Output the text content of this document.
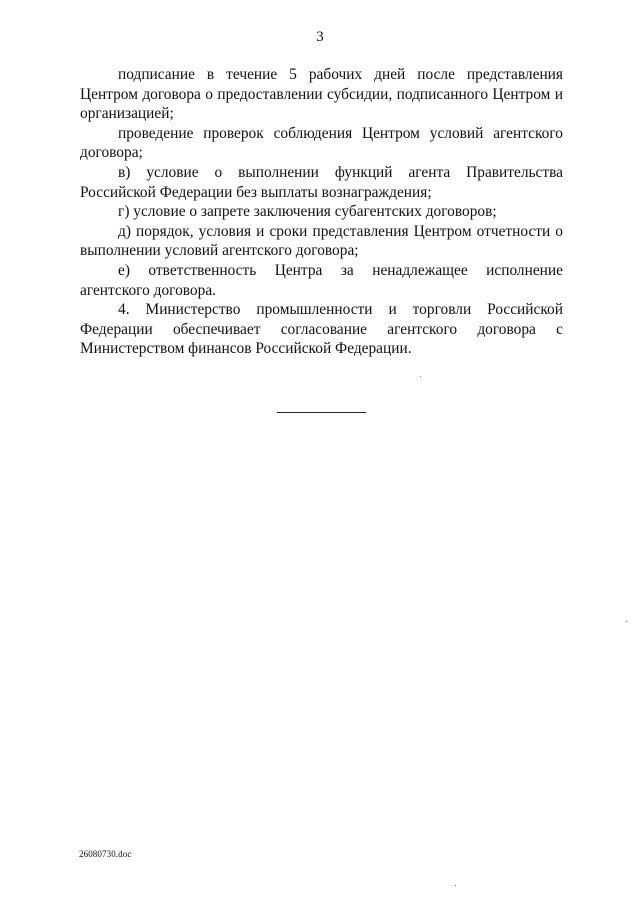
3

подписание в течение 5 рабочих дней после представления Центром договора о предоставлении субсидии, подписанного Центром и организацией;

проведение проверок соблюдения Центром условий агентского договора;

в) условие о выполнении функций агента Правительства Российской Федерации без выплаты вознаграждения;

г) условие о запрете заключения субагентских договоров;

д) порядок, условия и сроки представления Центром отчетности о выполнении условий агентского договора;

е) ответственность Центра за ненадлежащее исполнение агентского договора.

4. Министерство промышленности и торговли Российской Федерации обеспечивает согласование агентского договора с Министерством финансов Российской Федерации.

26080730.doc
